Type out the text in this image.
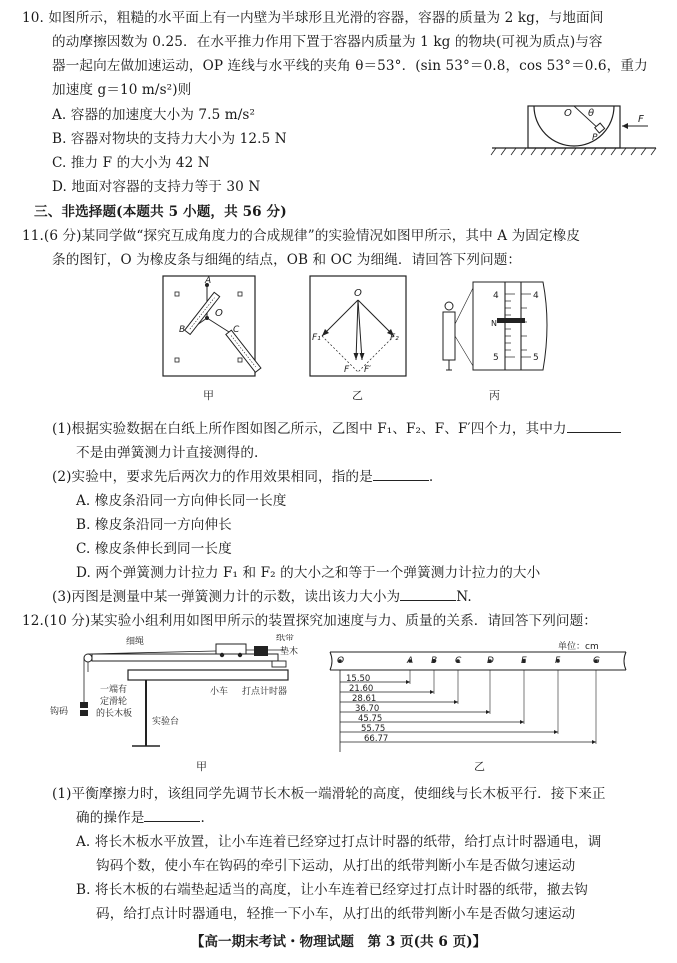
10. 如图所示，粗糙的水平面上有一内壁为半球形且光滑的容器，容器的质量为 2 kg，与地面间
的动摩擦因数为 0.25．在水平推力作用下置于容器内质量为 1 kg 的物块(可视为质点)与容
器一起向左做加速运动，OP 连线与水平线的夹角 θ＝53°．(sin 53°＝0.8，cos 53°＝0.6，重力
加速度 g＝10 m/s²)则
A. 容器的加速度大小为 7.5 m/s²
B. 容器对物块的支持力大小为 12.5 N
C. 推力 F 的大小为 42 N
D. 地面对容器的支持力等于 30 N
O θ
P
F
三、非选择题(本题共 5 小题，共 56 分)
11.(6 分)某同学做“探究互成角度力的合成规律”的实验情况如图甲所示，其中 A 为固定橡皮
条的图钉，O 为橡皮条与细绳的结点，OB 和 OC 为细绳．请回答下列问题：
A
O
B	C
甲
O
F₁	F₂
F F′
乙
4	4
5	5
N
丙
(1)根据实验数据在白纸上所作图如图乙所示，乙图中 F₁、F₂、F、F′四个力，其中力
不是由弹簧测力计直接测得的.
(2)实验中，要求先后两次力的作用效果相同，指的是	.
A. 橡皮条沿同一方向伸长同一长度
B. 橡皮条沿同一方向伸长
C. 橡皮条伸长到同一长度
D. 两个弹簧测力计拉力 F₁ 和 F₂ 的大小之和等于一个弹簧测力计拉力的大小
(3)丙图是测量中某一弹簧测力计的示数，读出该力大小为	N.
12.(10 分)某实验小组利用如图甲所示的装置探究加速度与力、质量的关系．请回答下列问题：
细绳	纸带
垫木
小车 打点计时器
一端有
定滑轮
的长木板
钩码
实验台
甲
单位：cm
O	A B C	D	E	F	G
15.50
21.60
28.61
36.70
45.75
55.75
66.77
乙
(1)平衡摩擦力时，该组同学先调节长木板一端滑轮的高度，使细线与长木板平行．接下来正
确的操作是	.
A. 将长木板水平放置，让小车连着已经穿过打点计时器的纸带，给打点计时器通电，调
钩码个数，使小车在钩码的牵引下运动，从打出的纸带判断小车是否做匀速运动
B. 将长木板的右端垫起适当的高度，让小车连着已经穿过打点计时器的纸带，撤去钩
码，给打点计时器通电，轻推一下小车，从打出的纸带判断小车是否做匀速运动
【高一期末考试・物理试题　第 3 页(共 6 页)】
